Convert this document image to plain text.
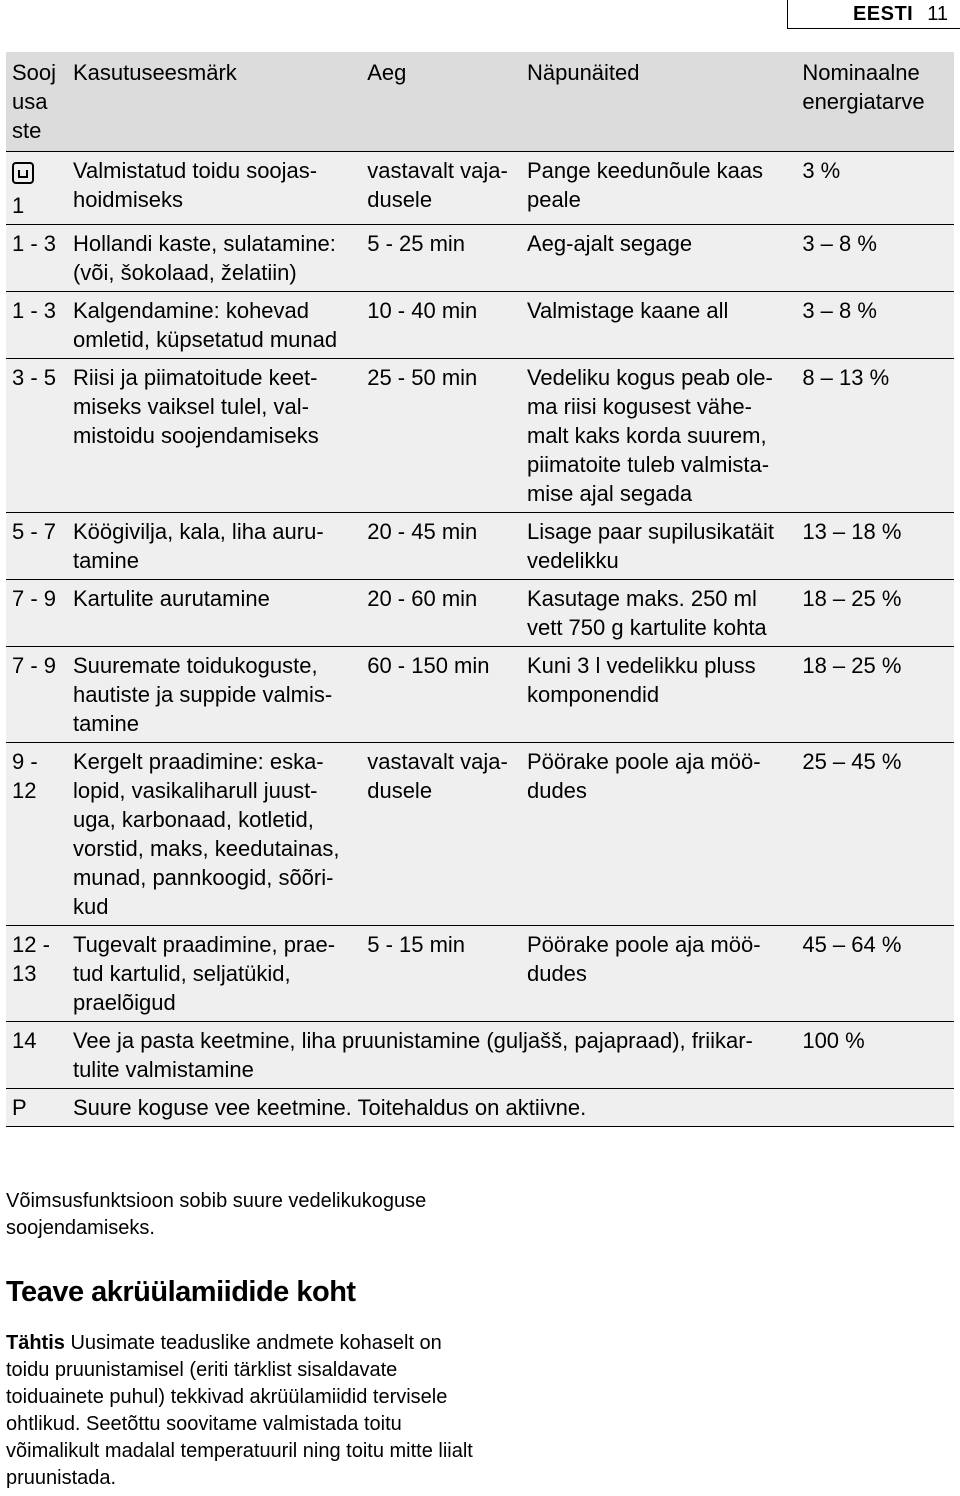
EESTI 11
Sooj usa ste	Kasutuseesmärk	Aeg	Näpunäited	Nominaalne energiatarve

1	Valmistatud toidu soojas-hoidmiseks	vastavalt vaja-dusele	Pange keedunõule kaas peale	3 %
1 - 3	Hollandi kaste, sulatamine: (või, šokolaad, želatiin)	5 - 25 min	Aeg-ajalt segage	3 – 8 %
1 - 3	Kalgendamine: kohevad omletid, küpsetatud munad	10 - 40 min	Valmistage kaane all	3 – 8 %
3 - 5	Riisi ja piimatoitude keet-miseks vaiksel tulel, val-mistoidu soojendamiseks	25 - 50 min	Vedeliku kogus peab ole-ma riisi kogusest vähe-malt kaks korda suurem, piimatoite tuleb valmista-mise ajal segada	8 – 13 %
5 - 7	Köögivilja, kala, liha auru-tamine	20 - 45 min	Lisage paar supilusikatäit vedelikku	13 – 18 %
7 - 9	Kartulite aurutamine	20 - 60 min	Kasutage maks. 250 ml vett 750 g kartulite kohta	18 – 25 %
7 - 9	Suuremate toidukoguste, hautiste ja suppide valmis-tamine	60 - 150 min	Kuni 3 l vedelikku pluss komponendid	18 – 25 %
9 - 12	Kergelt praadimine: eska-lopid, vasikaliharull juust-uga, karbonaad, kotletid, vorstid, maks, keedutainas, munad, pannkoogid, sõõri-kud	vastavalt vaja-dusele	Pöörake poole aja möö-dudes	25 – 45 %
12 - 13	Tugevalt praadimine, prae-tud kartulid, seljatükid, praelõigud	5 - 15 min	Pöörake poole aja möö-dudes	45 – 64 %
14	Vee ja pasta keetmine, liha pruunistamine (guljašš, pajapraad), friikar-tulite valmistamine			100 %
P	Suure koguse vee keetmine. Toitehaldus on aktiivne.			
Võimsusfunktsioon sobib suure vedelikukoguse soojendamiseks.
Teave akrüülamiidide koht
Tähtis Uusimate teaduslike andmete kohaselt on toidu pruunistamisel (eriti tärklist sisaldavate toiduainete puhul) tekkivad akrüülamiidid tervisele ohtlikud. Seetõttu soovitame valmistada toitu võimalikult madalal temperatuuril ning toitu mitte liialt pruunistada.
